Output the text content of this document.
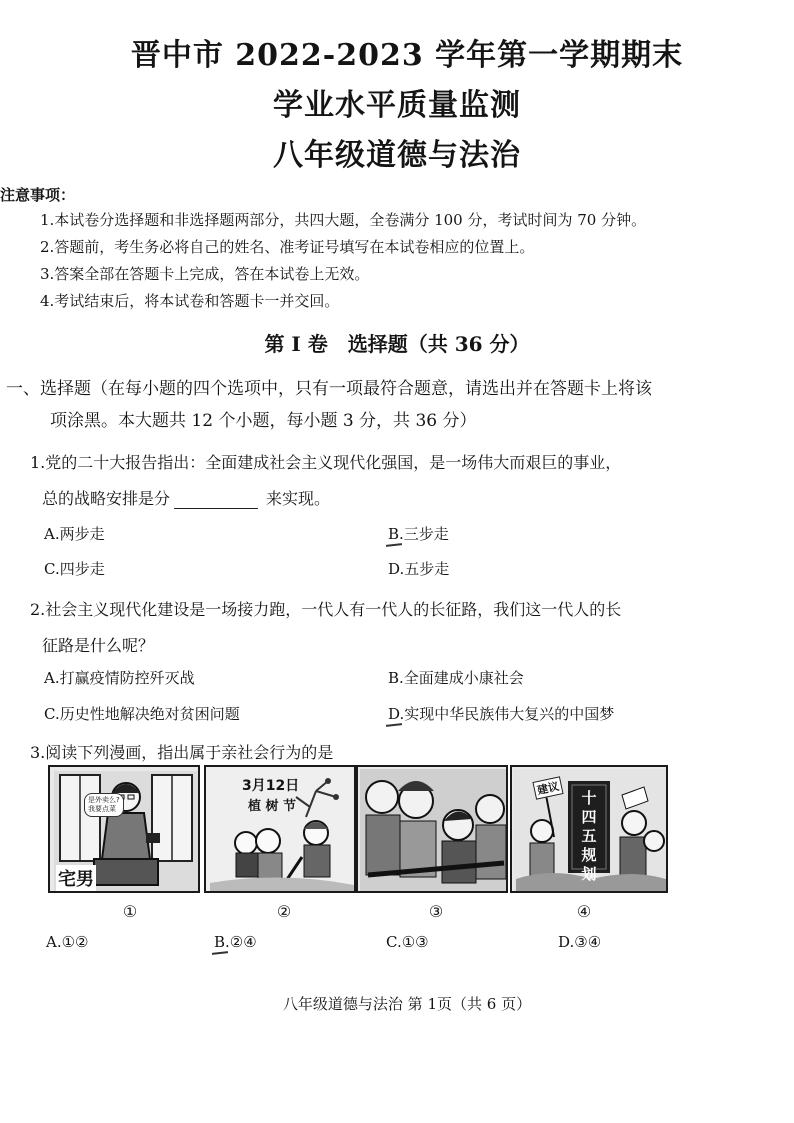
晋中市 2022-2023 学年第一学期期末
学业水平质量监测
八年级道德与法治
注意事项：
1.本试卷分选择题和非选择题两部分，共四大题，全卷满分 100 分，考试时间为 70 分钟。
2.答题前，考生务必将自己的姓名、准考证号填写在本试卷相应的位置上。
3.答案全部在答题卡上完成，答在本试卷上无效。
4.考试结束后，将本试卷和答题卡一并交回。
第 I 卷　选择题（共 36 分）
一、选择题（在每小题的四个选项中，只有一项最符合题意，请选出并在答题卡上将该
项涂黑。本大题共 12 个小题，每小题 3 分，共 36 分）
1.党的二十大报告指出：全面建成社会主义现代化强国，是一场伟大而艰巨的事业，
总的战略安排是分	来实现。
A.两步走	B.三步走
C.四步走	D.五步走
2.社会主义现代化建设是一场接力跑，一代人有一代人的长征路，我们这一代人的长
征路是什么呢？
A.打赢疫情防控歼灭战	B.全面建成小康社会
C.历史性地解决绝对贫困问题	D.实现中华民族伟大复兴的中国梦
3.阅读下列漫画，指出属于亲社会行为的是
是外卖么?
我要点菜
宅男
3月12日
植 树 节
建议
十
四
五
规
划
①	②	③	④
A.①②	B.②④	C.①③	D.③④
八年级道德与法治 第 1页（共 6 页）
